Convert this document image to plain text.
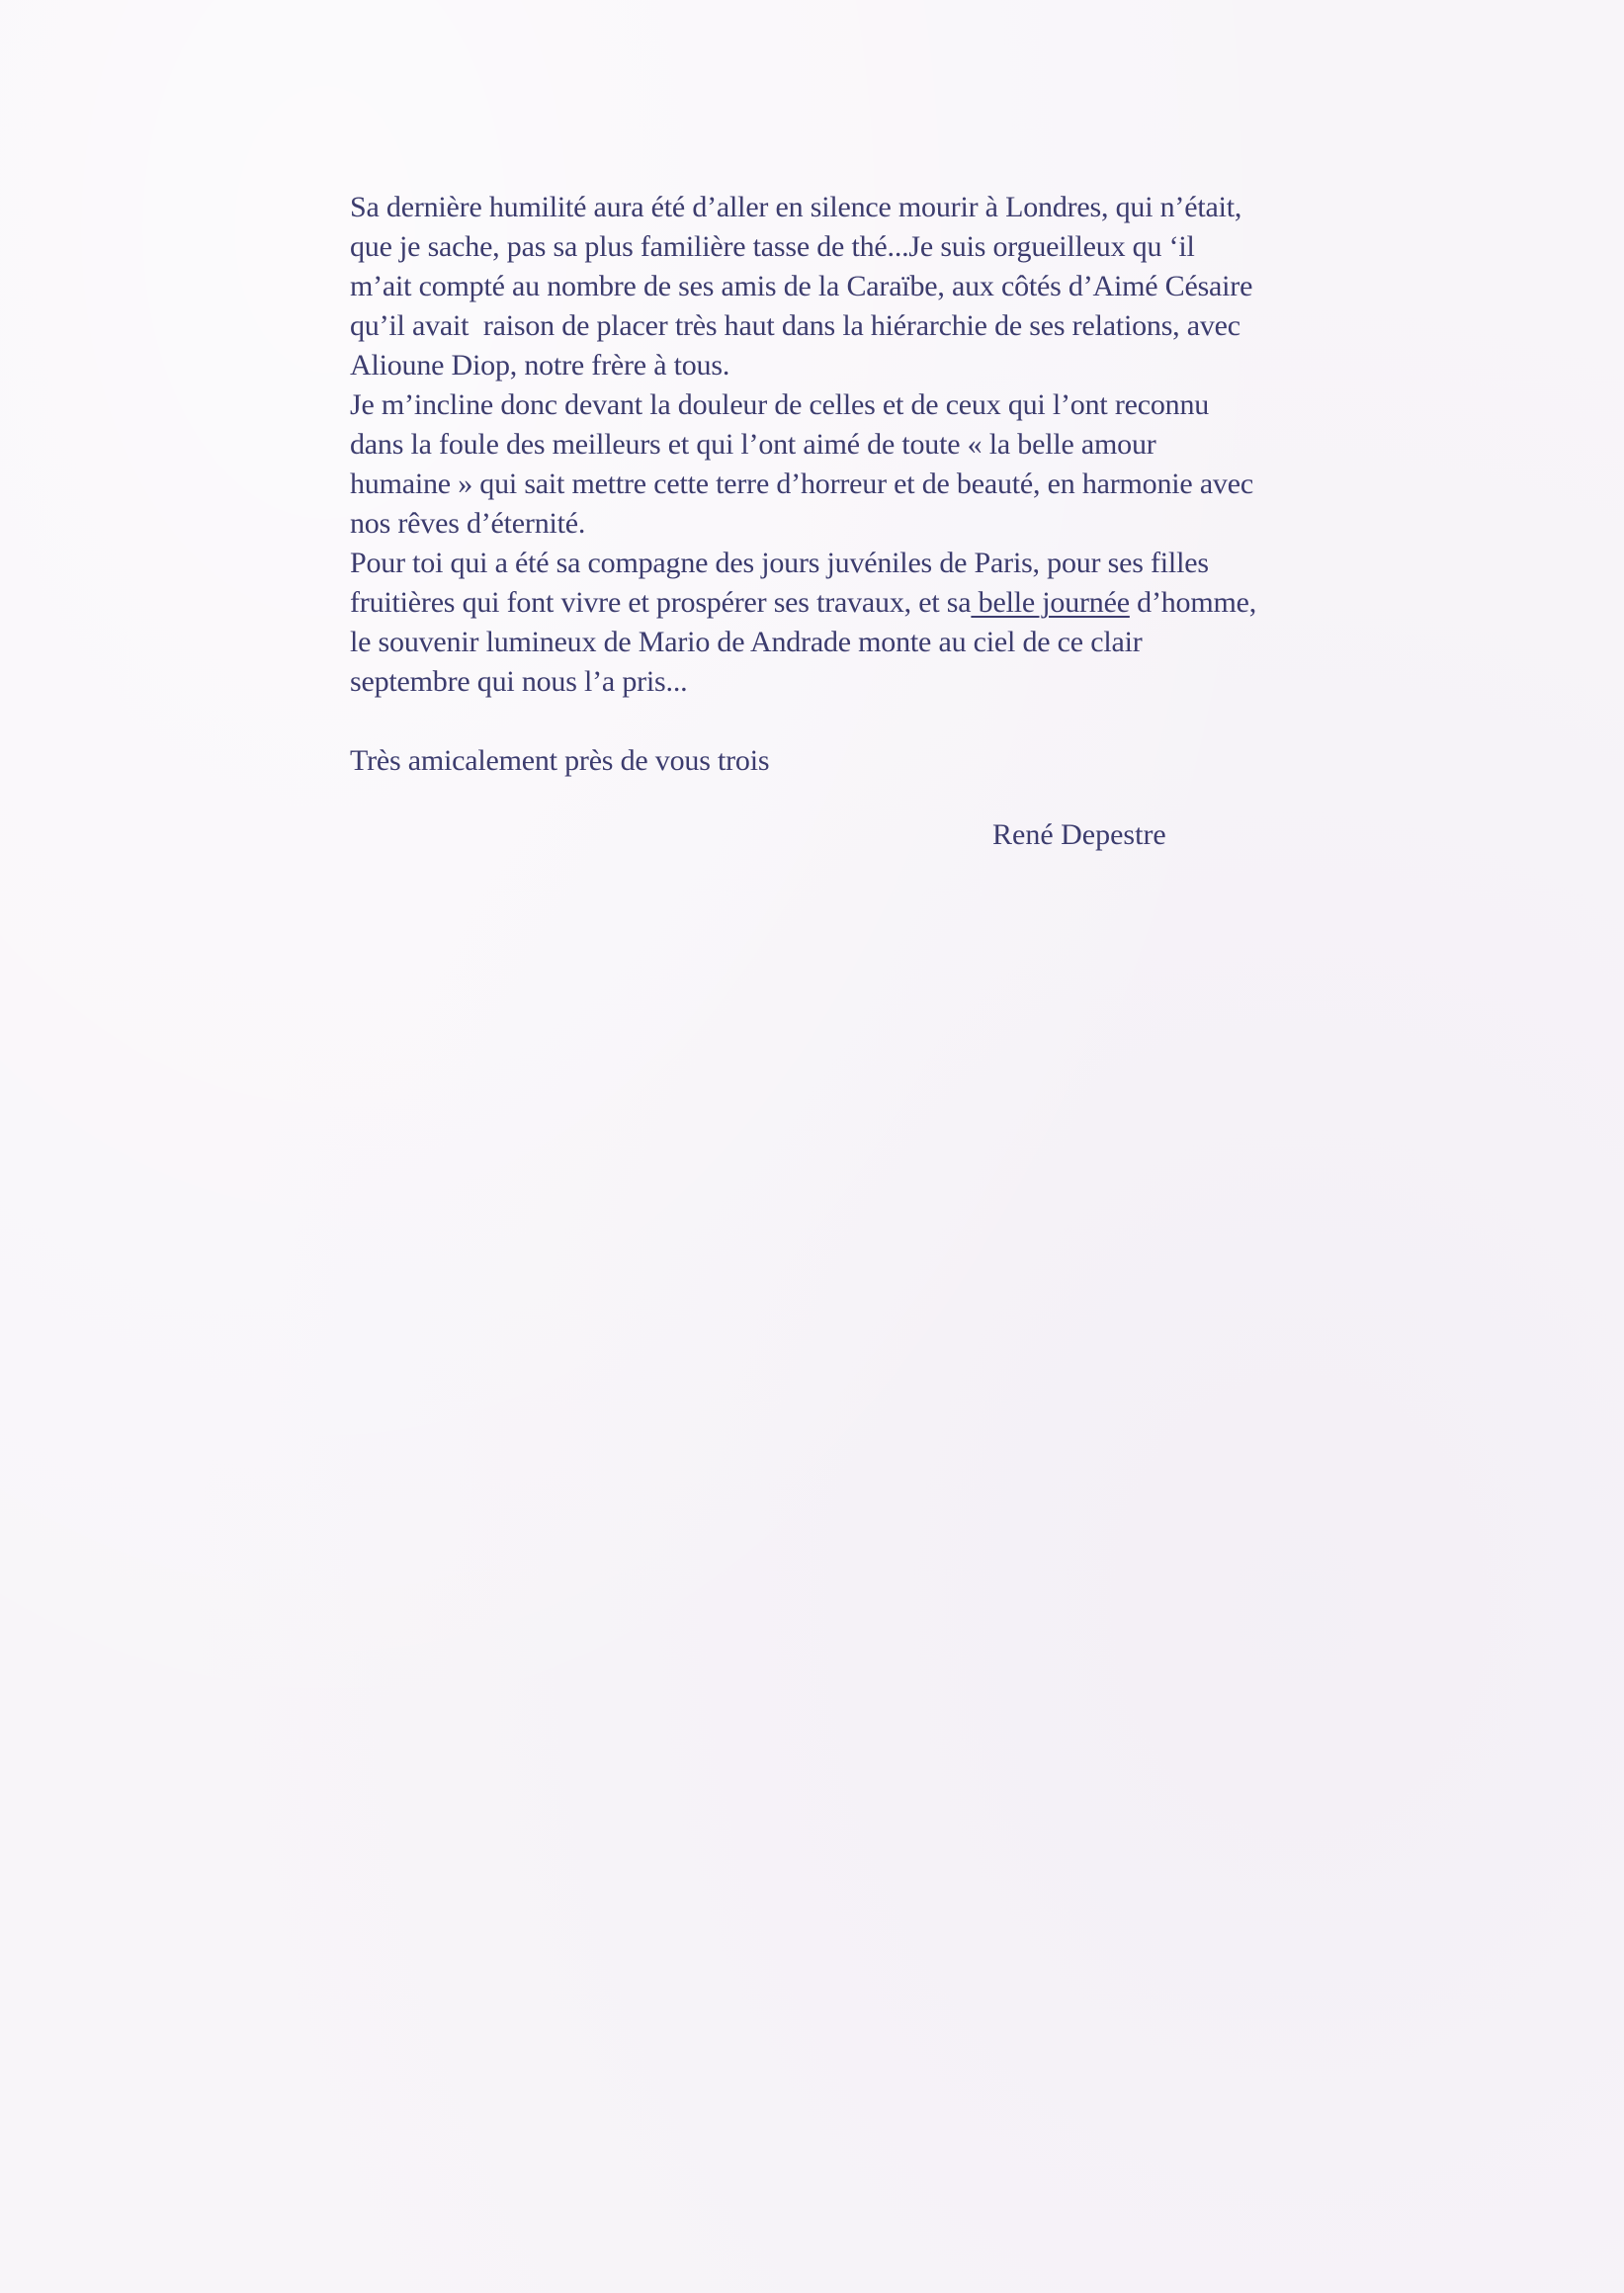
Sa dernière humilité aura été d’aller en silence mourir à Londres, qui n’était,
que je sache, pas sa plus familière tasse de thé...Je suis orgueilleux qu ‘il
m’ait compté au nombre de ses amis de la Caraïbe, aux côtés d’Aimé Césaire
qu’il avait  raison de placer très haut dans la hiérarchie de ses relations, avec
Alioune Diop, notre frère à tous.
Je m’incline donc devant la douleur de celles et de ceux qui l’ont reconnu
dans la foule des meilleurs et qui l’ont aimé de toute « la belle amour
humaine » qui sait mettre cette terre d’horreur et de beauté, en harmonie avec
nos rêves d’éternité.
Pour toi qui a été sa compagne des jours juvéniles de Paris, pour ses filles
fruitières qui font vivre et prospérer ses travaux, et sa belle journée d’homme,
le souvenir lumineux de Mario de Andrade monte au ciel de ce clair
septembre qui nous l’a pris...
Très amicalement près de vous trois
René Depestre
